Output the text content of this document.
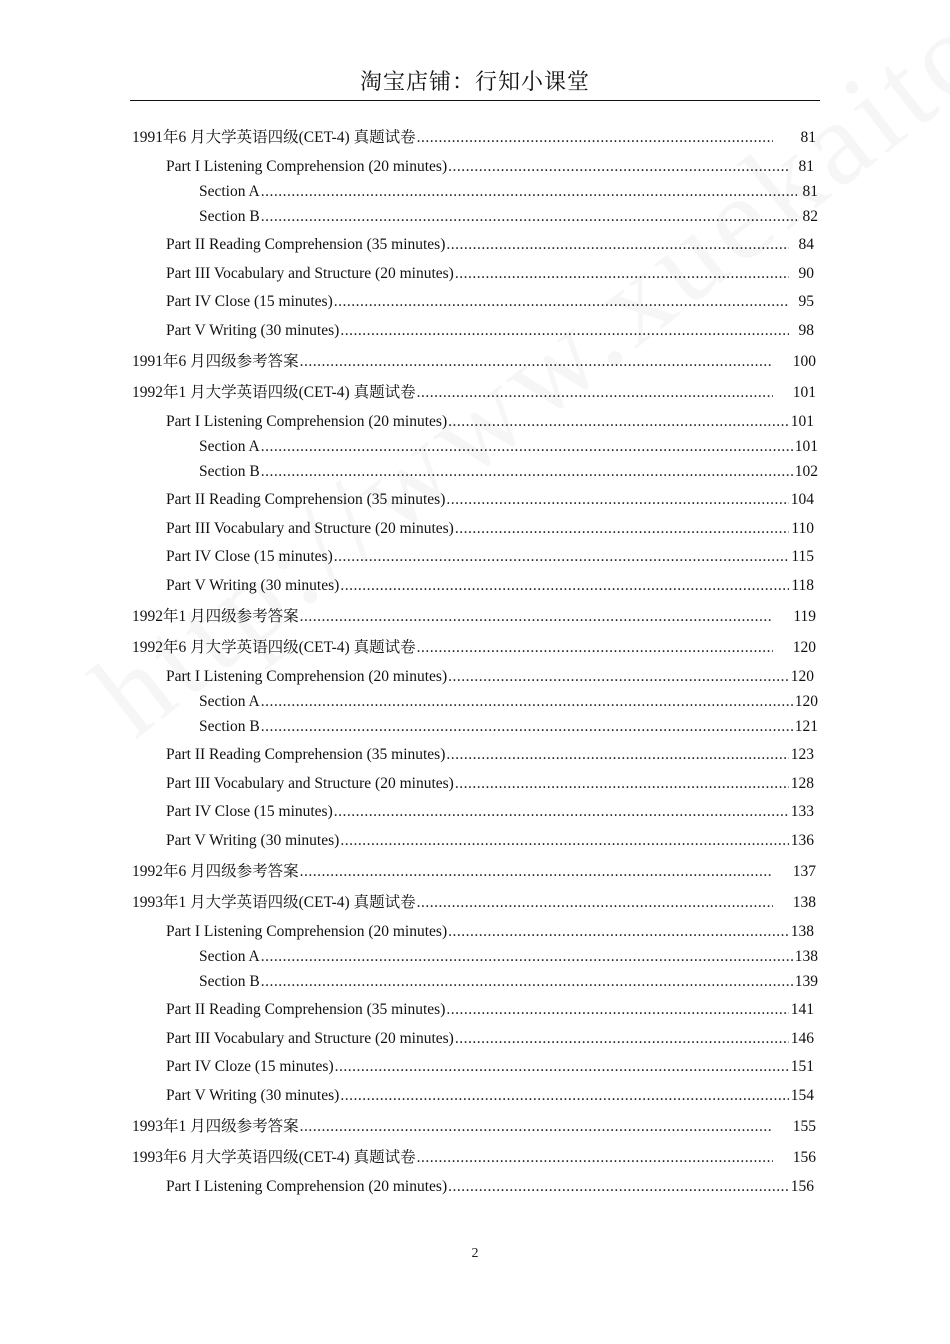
淘宝店铺：行知小课堂
1991年6 月大学英语四级(CET-4) 真题试卷 .....	81
Part I Listening Comprehension (20 minutes) .....	81
Section A .....	81
Section B .....	82
Part II Reading Comprehension (35 minutes) .....	84
Part III Vocabulary and Structure (20 minutes) .....	90
Part IV Close (15 minutes) .....	95
Part V Writing (30 minutes) .....	98
1991年6 月四级参考答案 .....	100
1992年1 月大学英语四级(CET-4) 真题试卷 .....	101
Part I Listening Comprehension (20 minutes) .....	101
Section A .....	101
Section B .....	102
Part II Reading Comprehension (35 minutes) .....	104
Part III Vocabulary and Structure (20 minutes) .....	110
Part IV Close (15 minutes) .....	115
Part V Writing (30 minutes) .....	118
1992年1 月四级参考答案 .....	119
1992年6 月大学英语四级(CET-4) 真题试卷 .....	120
Part I Listening Comprehension (20 minutes) .....	120
Section A .....	120
Section B .....	121
Part II Reading Comprehension (35 minutes) .....	123
Part III Vocabulary and Structure (20 minutes) .....	128
Part IV Close (15 minutes) .....	133
Part V Writing (30 minutes) .....	136
1992年6 月四级参考答案 .....	137
1993年1 月大学英语四级(CET-4) 真题试卷 .....	138
Part I Listening Comprehension (20 minutes) .....	138
Section A .....	138
Section B .....	139
Part II Reading Comprehension (35 minutes) .....	141
Part III Vocabulary and Structure (20 minutes) .....	146
Part IV Cloze (15 minutes) .....	151
Part V Writing (30 minutes) .....	154
1993年1 月四级参考答案 .....	155
1993年6 月大学英语四级(CET-4) 真题试卷 .....	156
Part I Listening Comprehension (20 minutes) .....	156
2
